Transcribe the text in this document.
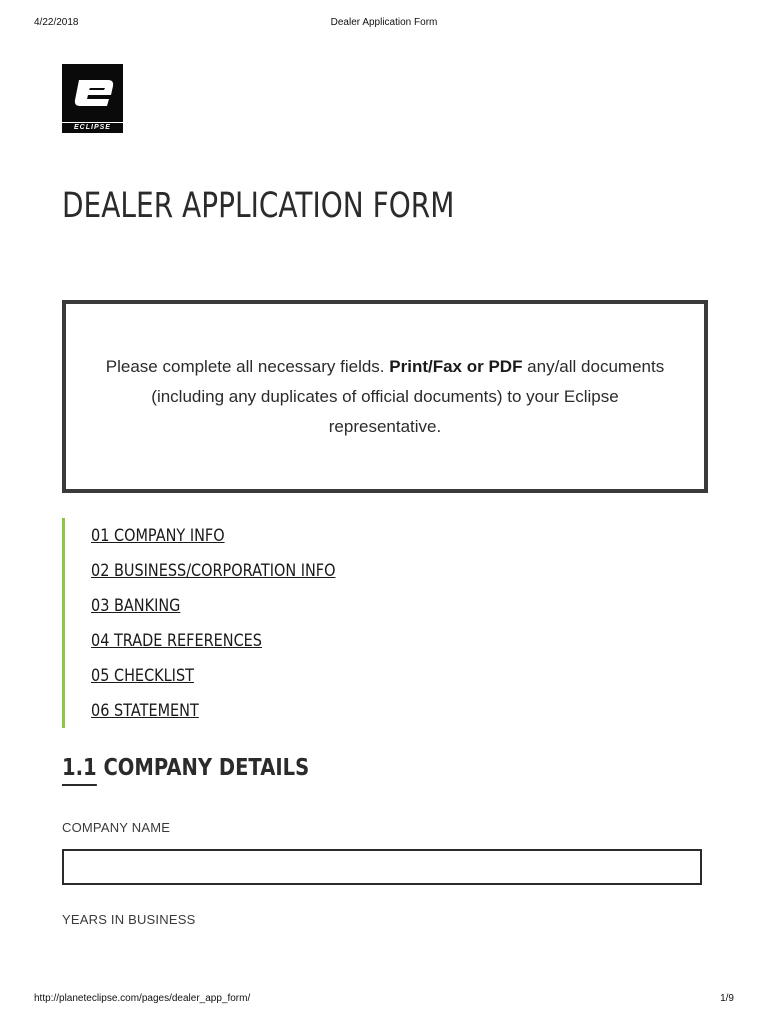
4/22/2018	Dealer Application Form
ECLIPSE
DEALER APPLICATION FORM
Please complete all necessary fields. Print/Fax or PDF any/all documents (including any duplicates of official documents) to your Eclipse representative.
01 COMPANY INFO
02 BUSINESS/CORPORATION INFO
03 BANKING
04 TRADE REFERENCES
05 CHECKLIST
06 STATEMENT
1.1 COMPANY DETAILS
COMPANY NAME
YEARS IN BUSINESS
http://planeteclipse.com/pages/dealer_app_form/	1/9
